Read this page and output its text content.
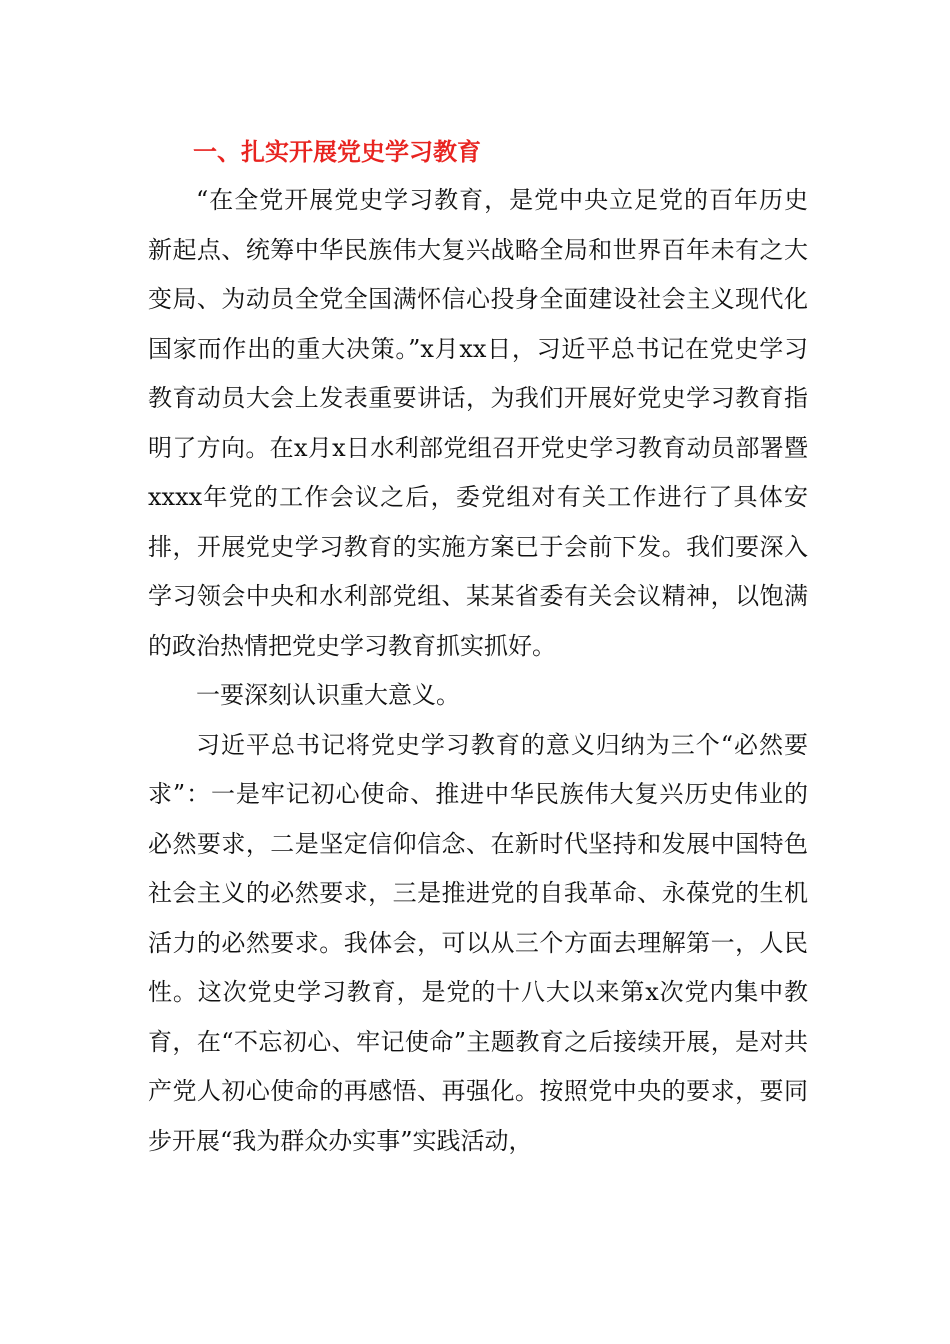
一、扎实开展党史学习教育

“在全党开展党史学习教育，是党中央立足党的百年历史新起点、统筹中华民族伟大复兴战略全局和世界百年未有之大变局、为动员全党全国满怀信心投身全面建设社会主义现代化国家而作出的重大决策。”x月xx日，习近平总书记在党史学习教育动员大会上发表重要讲话，为我们开展好党史学习教育指明了方向。在x月x日水利部党组召开党史学习教育动员部署暨xxxx年党的工作会议之后，委党组对有关工作进行了具体安排，开展党史学习教育的实施方案已于会前下发。我们要深入学习领会中央和水利部党组、某某省委有关会议精神，以饱满的政治热情把党史学习教育抓实抓好。

一要深刻认识重大意义。

习近平总书记将党史学习教育的意义归纳为三个“必然要求”：一是牢记初心使命、推进中华民族伟大复兴历史伟业的必然要求，二是坚定信仰信念、在新时代坚持和发展中国特色社会主义的必然要求，三是推进党的自我革命、永葆党的生机活力的必然要求。我体会，可以从三个方面去理解第一，人民性。这次党史学习教育，是党的十八大以来第x次党内集中教育，在“不忘初心、牢记使命”主题教育之后接续开展，是对共产党人初心使命的再感悟、再强化。按照党中央的要求，要同步开展“我为群众办实事”实践活动，
